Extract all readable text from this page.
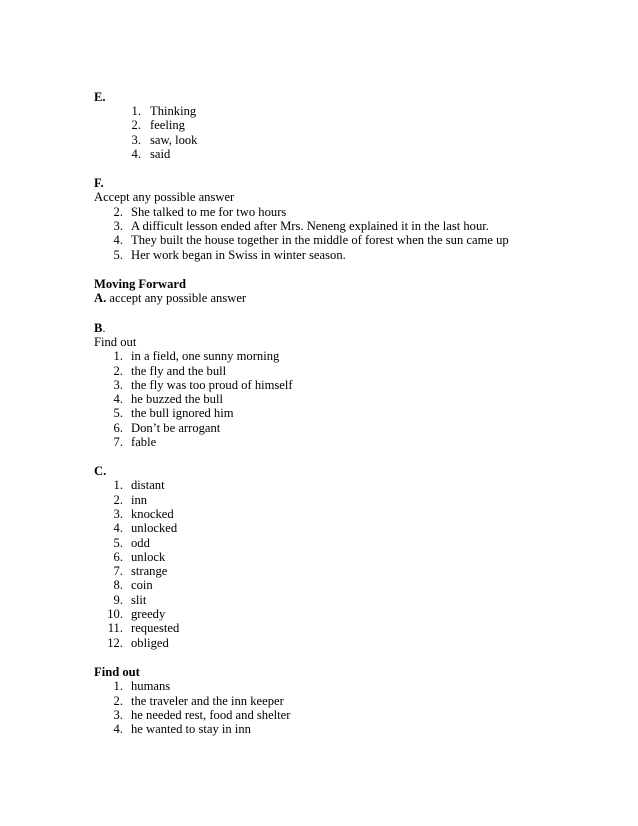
E.
1. Thinking
2. feeling
3. saw, look
4. said
F.
Accept any possible answer
2. She talked to me for two hours
3. A difficult lesson ended after Mrs. Neneng explained it in the last hour.
4. They built the house together in the middle of forest when the sun came up
5. Her work began in Swiss in winter season.
Moving Forward
A. accept any possible answer
B.
Find out
1. in a field, one sunny morning
2. the fly and the bull
3. the fly was too proud of himself
4. he buzzed the bull
5. the bull ignored him
6. Don’t be arrogant
7. fable
C.
1. distant
2. inn
3. knocked
4. unlocked
5. odd
6. unlock
7. strange
8. coin
9. slit
10. greedy
11. requested
12. obliged
Find out
1. humans
2. the traveler and the inn keeper
3. he needed rest, food and shelter
4. he wanted to stay in inn
